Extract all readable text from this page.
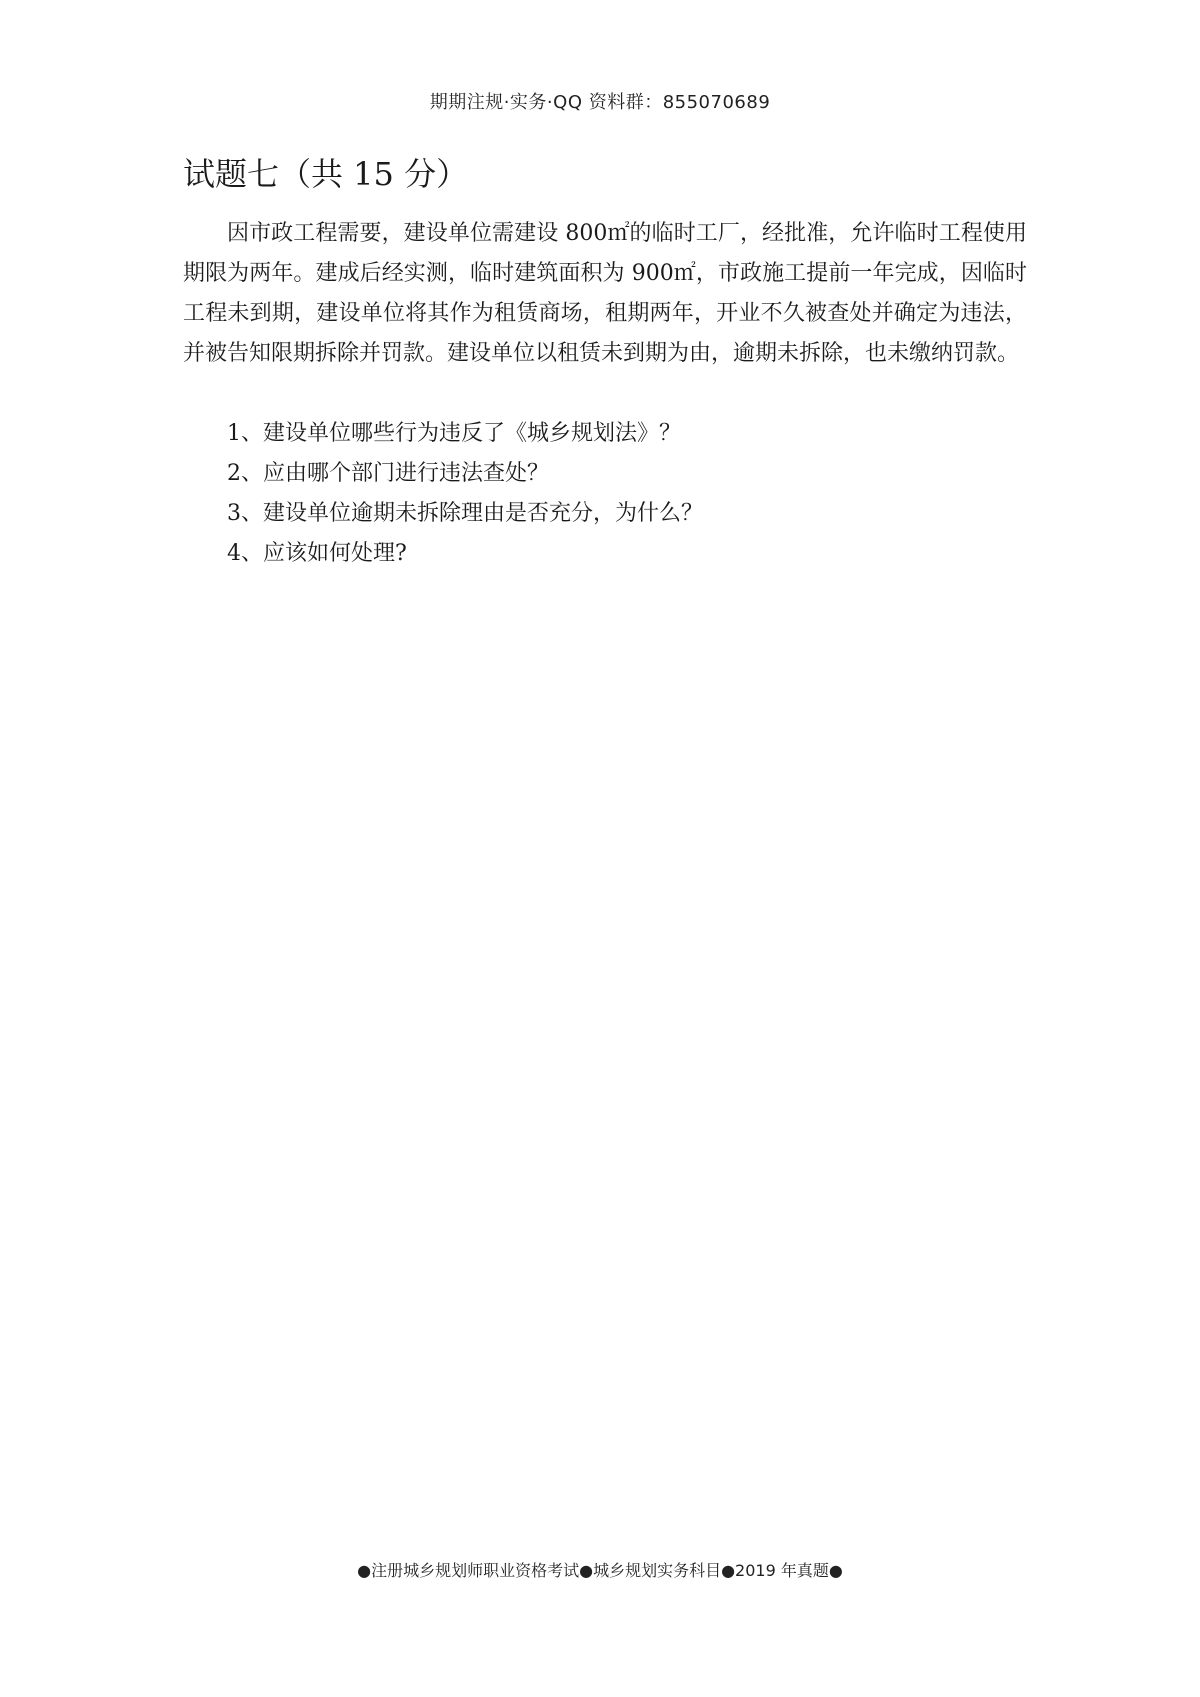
期期注规·实务·QQ 资料群：855070689
试题七（共 15 分）

因市政工程需要，建设单位需建设 800㎡的临时工厂，经批准，允许临时工程使用期限为两年。建成后经实测，临时建筑面积为 900㎡，市政施工提前一年完成，因临时工程未到期，建设单位将其作为租赁商场，租期两年，开业不久被查处并确定为违法，并被告知限期拆除并罚款。建设单位以租赁未到期为由，逾期未拆除，也未缴纳罚款。

1、建设单位哪些行为违反了《城乡规划法》？
2、应由哪个部门进行违法查处？
3、建设单位逾期未拆除理由是否充分，为什么？
4、应该如何处理?
●注册城乡规划师职业资格考试●城乡规划实务科目●2019 年真题●
